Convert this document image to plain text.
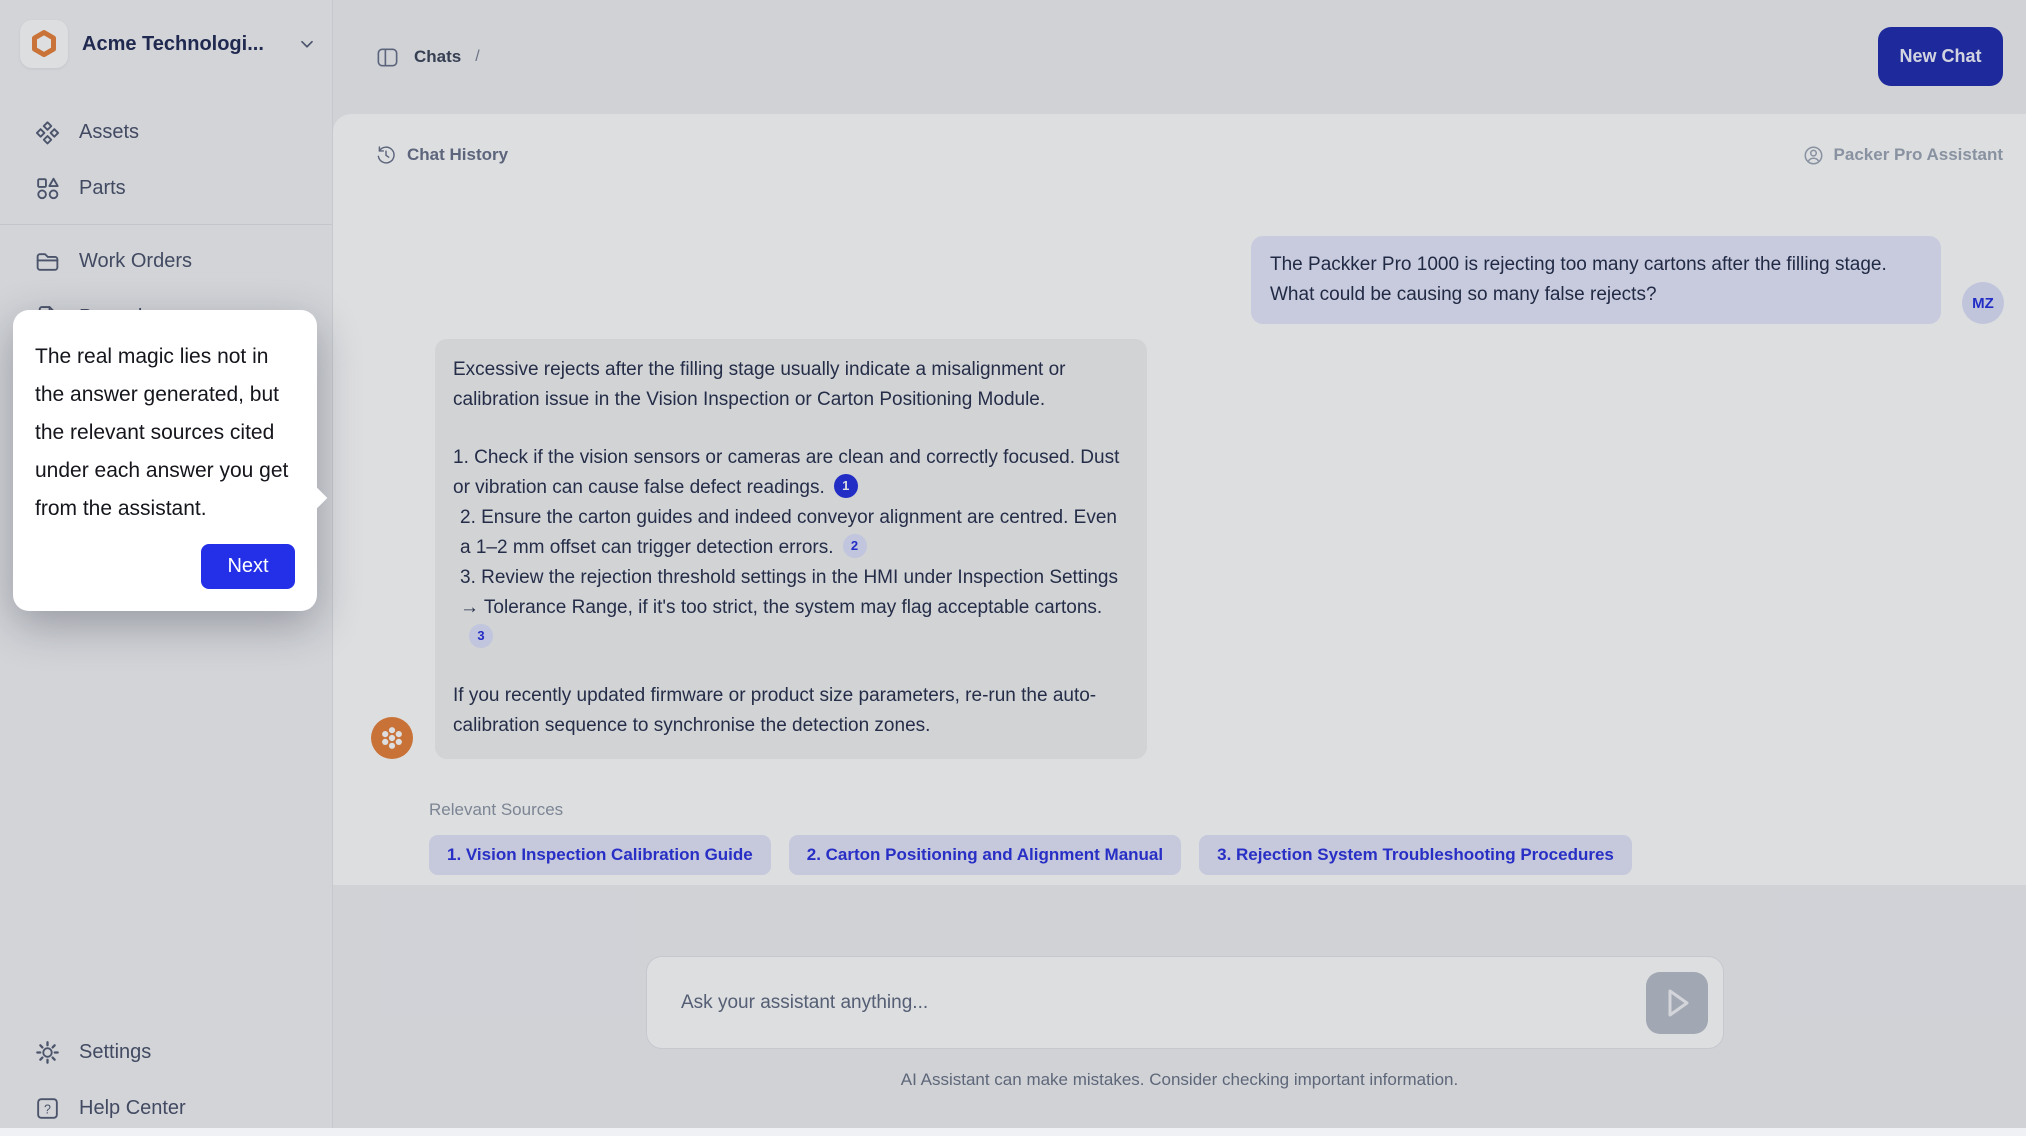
Acme Technologi...
Assets
Parts
Work Orders
Settings
? Help Center
Chats /	New Chat
Chat History	Packer Pro Assistant
The Packker Pro 1000 is rejecting too many cartons after the filling stage. What could be causing so many false rejects?	MZ
Excessive rejects after the filling stage usually indicate a misalignment or calibration issue in the Vision Inspection or Carton Positioning Module.
1. Check if the vision sensors or cameras are clean and correctly focused. Dust or vibration can cause false defect readings. 1
2. Ensure the carton guides and indeed conveyor alignment are centred. Even a 1–2 mm offset can trigger detection errors. 2
3. Review the rejection threshold settings in the HMI under Inspection Settings → Tolerance Range, if it's too strict, the system may flag acceptable cartons.3
If you recently updated firmware or product size parameters, re-run the auto-calibration sequence to synchronise the detection zones.
Relevant Sources
1. Vision Inspection Calibration Guide	2. Carton Positioning and Alignment Manual	3. Rejection System Troubleshooting Procedures
Ask your assistant anything...
AI Assistant can make mistakes. Consider checking important information.
The real magic lies not in the answer generated, but the relevant sources cited under each answer you get from the assistant.
Next
